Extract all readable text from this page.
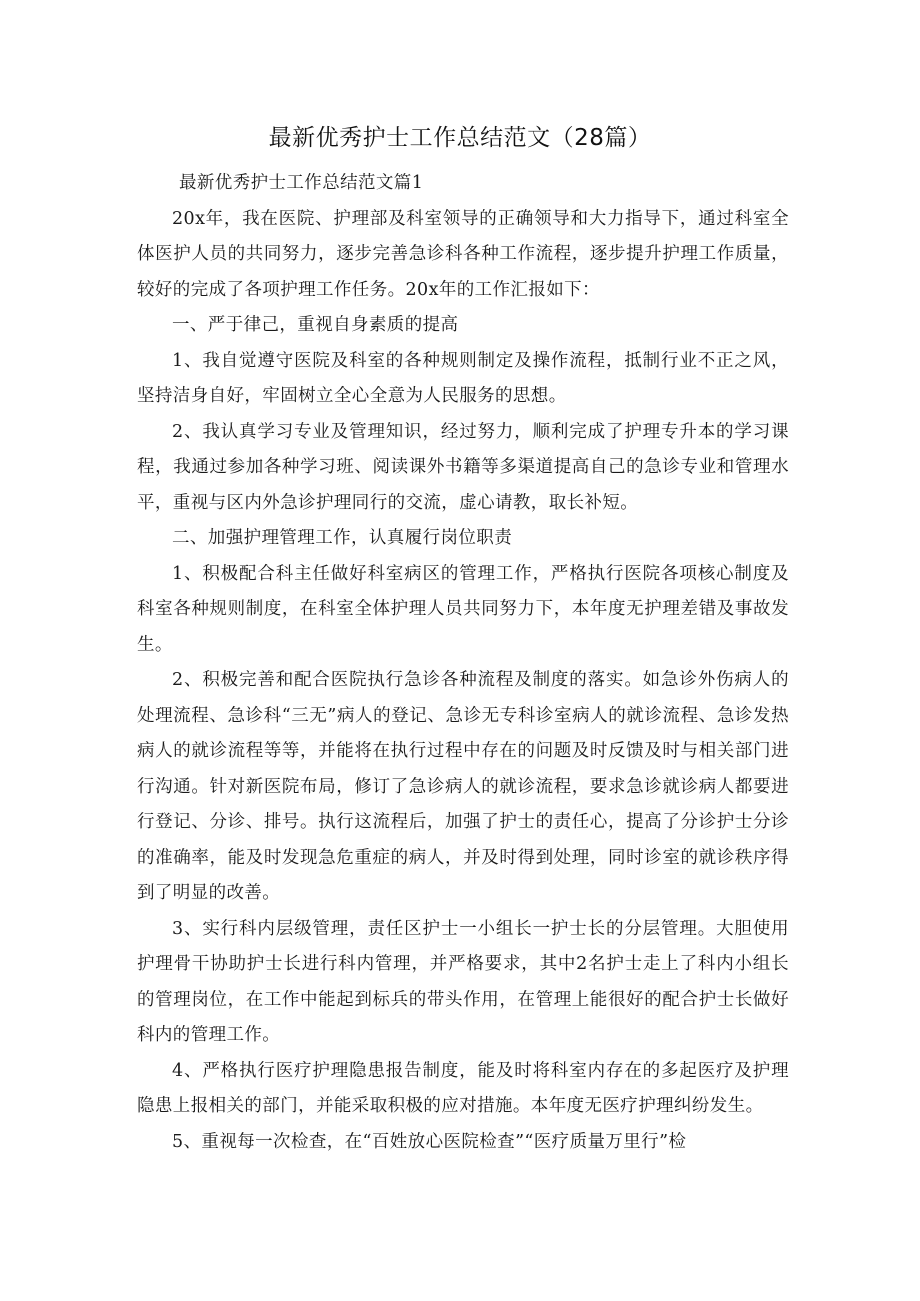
最新优秀护士工作总结范文（28篇）

最新优秀护士工作总结范文篇1

20x年，我在医院、护理部及科室领导的正确领导和大力指导下，通过科室全体医护人员的共同努力，逐步完善急诊科各种工作流程，逐步提升护理工作质量，较好的完成了各项护理工作任务。20x年的工作汇报如下：

一、严于律己，重视自身素质的提高

1、我自觉遵守医院及科室的各种规则制定及操作流程，抵制行业不正之风，坚持洁身自好，牢固树立全心全意为人民服务的思想。

2、我认真学习专业及管理知识，经过努力，顺利完成了护理专升本的学习课程，我通过参加各种学习班、阅读课外书籍等多渠道提高自己的急诊专业和管理水平，重视与区内外急诊护理同行的交流，虚心请教，取长补短。

二、加强护理管理工作，认真履行岗位职责

1、积极配合科主任做好科室病区的管理工作，严格执行医院各项核心制度及科室各种规则制度，在科室全体护理人员共同努力下，本年度无护理差错及事故发生。

2、积极完善和配合医院执行急诊各种流程及制度的落实。如急诊外伤病人的处理流程、急诊科“三无”病人的登记、急诊无专科诊室病人的就诊流程、急诊发热病人的就诊流程等等，并能将在执行过程中存在的问题及时反馈及时与相关部门进行沟通。针对新医院布局，修订了急诊病人的就诊流程，要求急诊就诊病人都要进行登记、分诊、排号。执行这流程后，加强了护士的责任心，提高了分诊护士分诊的准确率，能及时发现急危重症的病人，并及时得到处理，同时诊室的就诊秩序得到了明显的改善。

3、实行科内层级管理，责任区护士一小组长一护士长的分层管理。大胆使用护理骨干协助护士长进行科内管理，并严格要求，其中2名护士走上了科内小组长的管理岗位，在工作中能起到标兵的带头作用，在管理上能很好的配合护士长做好科内的管理工作。

4、严格执行医疗护理隐患报告制度，能及时将科室内存在的多起医疗及护理隐患上报相关的部门，并能采取积极的应对措施。本年度无医疗护理纠纷发生。

5、重视每一次检查，在“百姓放心医院检查”“医疗质量万里行”检
